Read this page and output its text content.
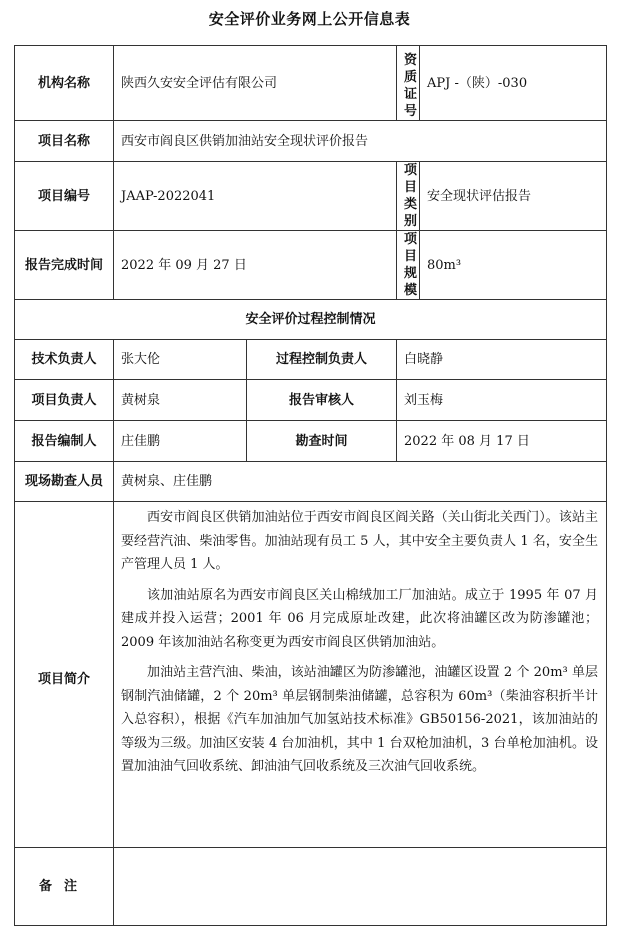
安全评价业务网上公开信息表
机构名称	陕西久安安全评估有限公司		资质证号	APJ -（陕）-030
项目名称	西安市阎良区供销加油站安全现状评价报告			
项目编号	JAAP-2022041		项目类别	安全现状评估报告
报告完成时间	2022 年 09 月 27 日		项目规模	80m³
安全评价过程控制情况				
技术负责人	张大伦	过程控制负责人	白晓静	
项目负责人	黄树泉	报告审核人	刘玉梅	
报告编制人	庄佳鹏	勘查时间	2022 年 08 月 17 日	
现场勘查人员	黄树泉、庄佳鹏			
项目简介	西安市阎良区供销加油站位于西安市阎良区阎关路（关山街北关西门）。该站主要经营汽油、柴油零售。加油站现有员工 5 人，其中安全主要负责人 1 名，安全生产管理人员 1 人。

该加油站原名为西安市阎良区关山棉绒加工厂加油站。成立于 1995 年 07 月建成并投入运营；2001 年 06 月完成原址改建，此次将油罐区改为防渗罐池；2009 年该加油站名称变更为西安市阎良区供销加油站。

加油站主营汽油、柴油，该站油罐区为防渗罐池，油罐区设置 2 个 20m³ 单层钢制汽油储罐，2 个 20m³ 单层钢制柴油储罐，总容积为 60m³（柴油容积折半计入总容积），根据《汽车加油加气加氢站技术标准》GB50156-2021，该加油站的等级为三级。加油区安装 4 台加油机，其中 1 台双枪加油机，3 台单枪加油机。设置加油油气回收系统、卸油油气回收系统及三次油气回收系统。			

备注				
